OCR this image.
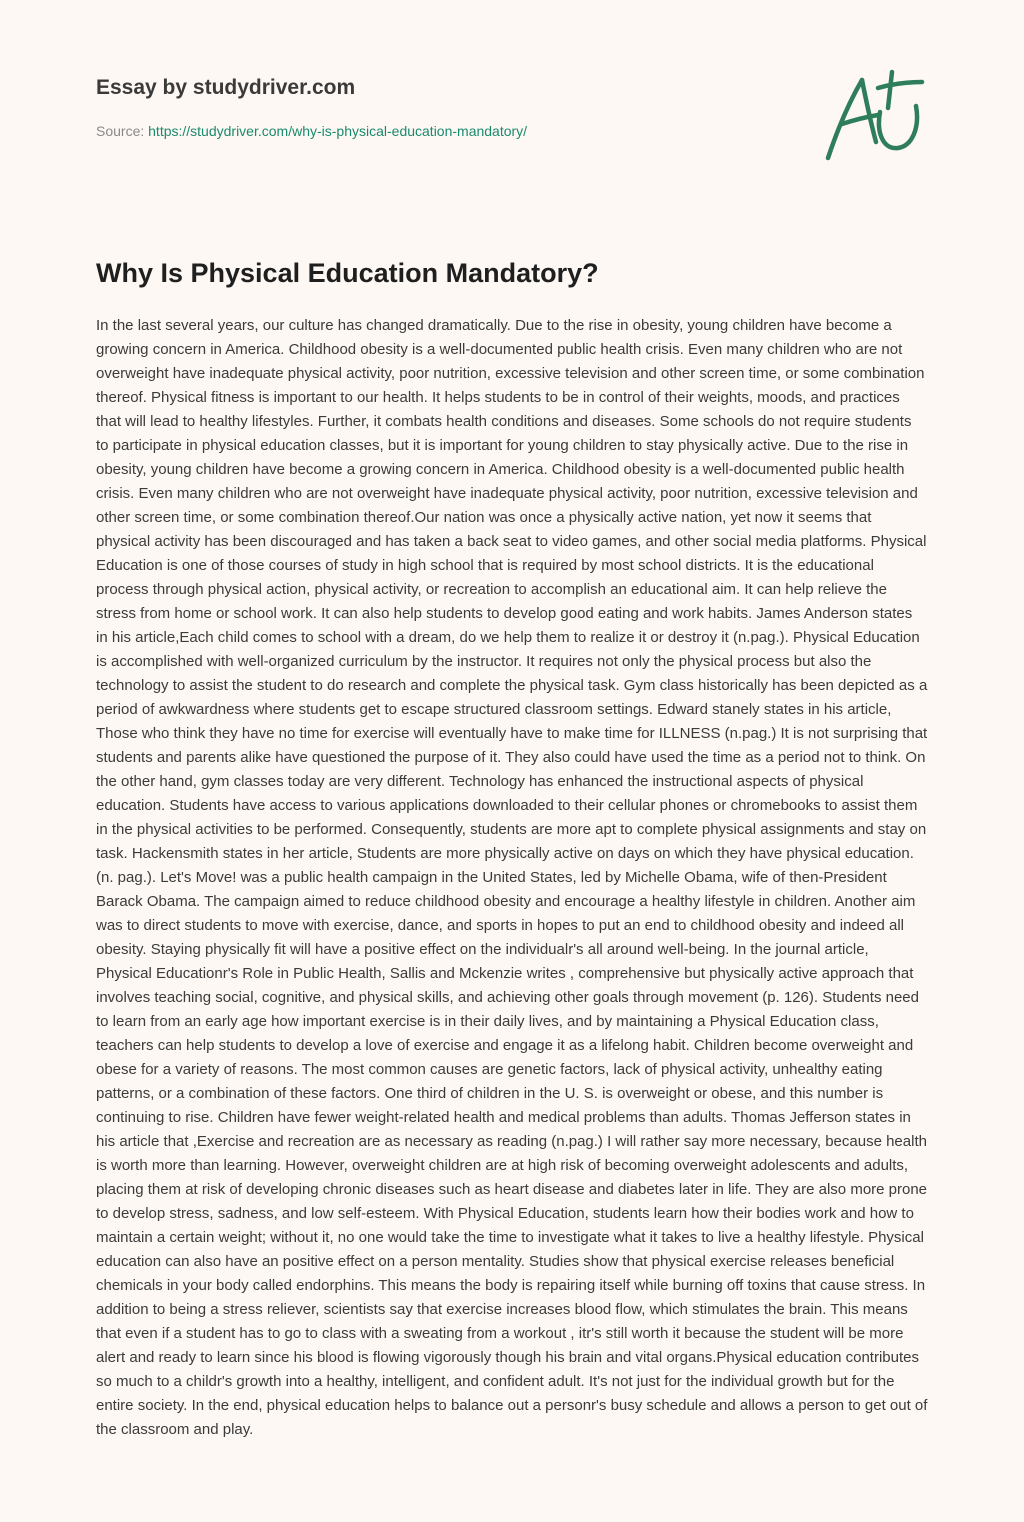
Essay by studydriver.com
Source: https://studydriver.com/why-is-physical-education-mandatory/
Why Is Physical Education Mandatory?

In the last several years, our culture has changed dramatically. Due to the rise in obesity, young children have become a growing concern in America. Childhood obesity is a well-documented public health crisis. Even many children who are not overweight have inadequate physical activity, poor nutrition, excessive television and other screen time, or some combination thereof. Physical fitness is important to our health. It helps students to be in control of their weights, moods, and practices that will lead to healthy lifestyles. Further, it combats health conditions and diseases. Some schools do not require students to participate in physical education classes, but it is important for young children to stay physically active. Due to the rise in obesity, young children have become a growing concern in America. Childhood obesity is a well-documented public health crisis. Even many children who are not overweight have inadequate physical activity, poor nutrition, excessive television and other screen time, or some combination thereof.Our nation was once a physically active nation, yet now it seems that physical activity has been discouraged and has taken a back seat to video games, and other social media platforms. Physical Education is one of those courses of study in high school that is required by most school districts. It is the educational process through physical action, physical activity, or recreation to accomplish an educational aim. It can help relieve the stress from home or school work. It can also help students to develop good eating and work habits. James Anderson states in his article,Each child comes to school with a dream, do we help them to realize it or destroy it (n.pag.). Physical Education is accomplished with well-organized curriculum by the instructor. It requires not only the physical process but also the technology to assist the student to do research and complete the physical task. Gym class historically has been depicted as a period of awkwardness where students get to escape structured classroom settings. Edward stanely states in his article, Those who think they have no time for exercise will eventually have to make time for ILLNESS (n.pag.) It is not surprising that students and parents alike have questioned the purpose of it. They also could have used the time as a period not to think. On the other hand, gym classes today are very different. Technology has enhanced the instructional aspects of physical education. Students have access to various applications downloaded to their cellular phones or chromebooks to assist them in the physical activities to be performed. Consequently, students are more apt to complete physical assignments and stay on task. Hackensmith states in her article, Students are more physically active on days on which they have physical education. (n. pag.). Let's Move! was a public health campaign in the United States, led by Michelle Obama, wife of then-President Barack Obama. The campaign aimed to reduce childhood obesity and encourage a healthy lifestyle in children. Another aim was to direct students to move with exercise, dance, and sports in hopes to put an end to childhood obesity and indeed all obesity. Staying physically fit will have a positive effect on the individualr's all around well-being. In the journal article, Physical Educationr's Role in Public Health, Sallis and Mckenzie writes , comprehensive but physically active approach that involves teaching social, cognitive, and physical skills, and achieving other goals through movement (p. 126). Students need to learn from an early age how important exercise is in their daily lives, and by maintaining a Physical Education class, teachers can help students to develop a love of exercise and engage it as a lifelong habit. Children become overweight and obese for a variety of reasons. The most common causes are genetic factors, lack of physical activity, unhealthy eating patterns, or a combination of these factors. One third of children in the U. S. is overweight or obese, and this number is continuing to rise. Children have fewer weight-related health and medical problems than adults. Thomas Jefferson states in his article that ,Exercise and recreation are as necessary as reading (n.pag.) I will rather say more necessary, because health is worth more than learning. However, overweight children are at high risk of becoming overweight adolescents and adults, placing them at risk of developing chronic diseases such as heart disease and diabetes later in life. They are also more prone to develop stress, sadness, and low self-esteem. With Physical Education, students learn how their bodies work and how to maintain a certain weight; without it, no one would take the time to investigate what it takes to live a healthy lifestyle. Physical education can also have an positive effect on a person mentality. Studies show that physical exercise releases beneficial chemicals in your body called endorphins. This means the body is repairing itself while burning off toxins that cause stress. In addition to being a stress reliever, scientists say that exercise increases blood flow, which stimulates the brain. This means that even if a student has to go to class with a sweating from a workout , itr's still worth it because the student will be more alert and ready to learn since his blood is flowing vigorously though his brain and vital organs.Physical education contributes so much to a childr's growth into a healthy, intelligent, and confident adult. It's not just for the individual growth but for the entire society. In the end, physical education helps to balance out a personr's busy schedule and allows a person to get out of the classroom and play.
